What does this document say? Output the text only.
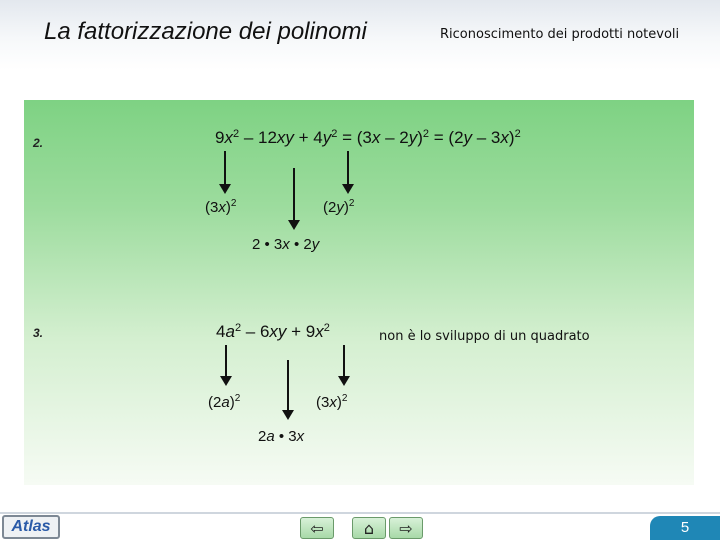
La fattorizzazione dei polinomi	Riconoscimento dei prodotti notevoli
2.	$9x^2 - 12xy + 4y^2 = (3x - 2y)^2 = (2y - 3x)^2$
$(3x)^2$	$(2y)^2$
2 • 3x • 2y
3.	$4a^2 - 6xy + 9x^2$
non è lo sviluppo di un quadrato
$(2a)^2$	$(3x)^2$
2a • 3x
Atlas	⇦	⌂ ⇨	5
